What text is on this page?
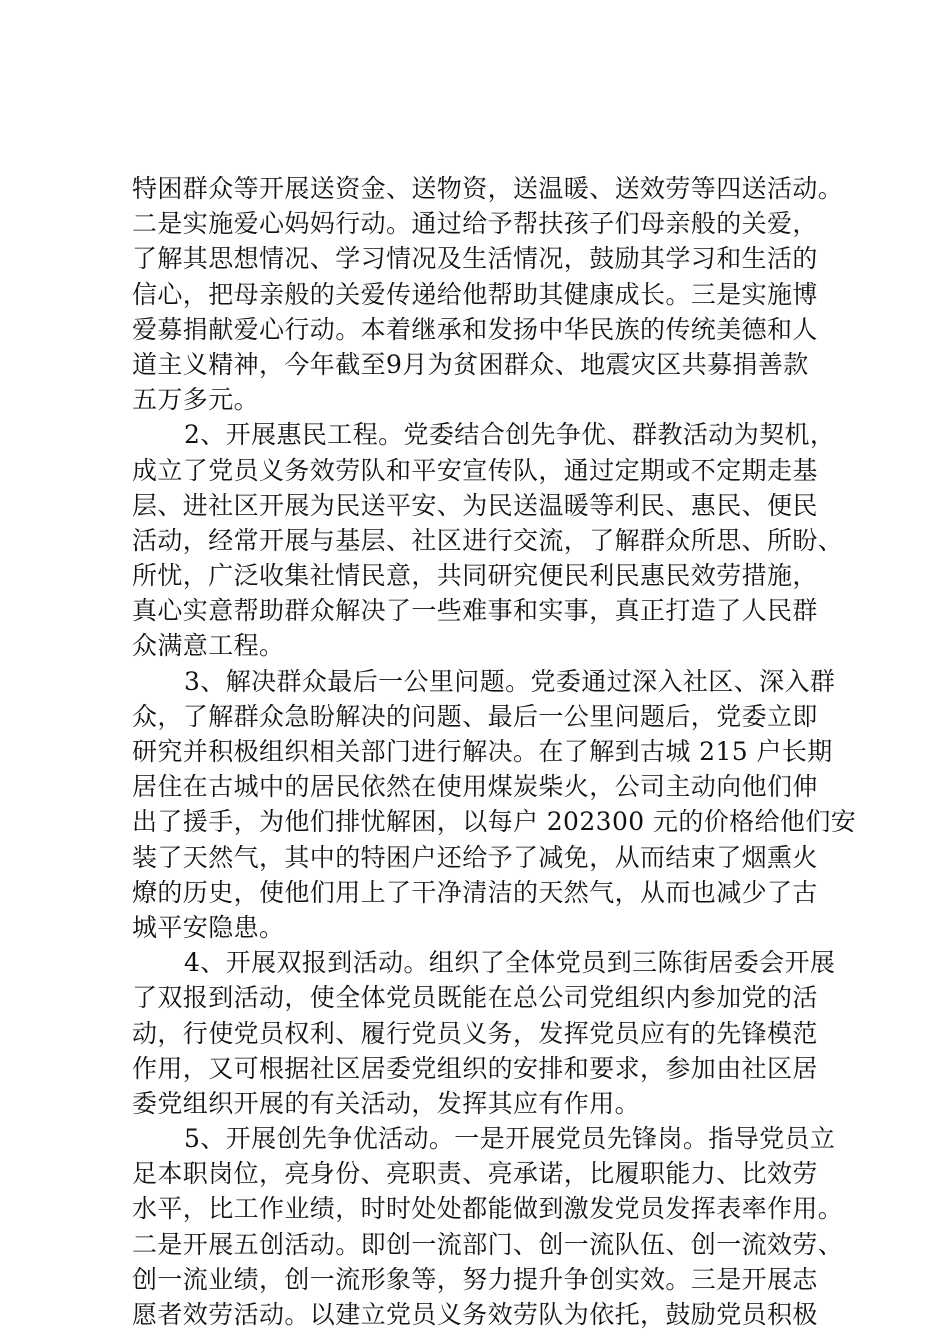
特困群众等开展送资金、送物资，送温暖、送效劳等四送活动。
二是实施爱心妈妈行动。通过给予帮扶孩子们母亲般的关爱，
了解其思想情况、学习情况及生活情况，鼓励其学习和生活的
信心，把母亲般的关爱传递给他帮助其健康成长。三是实施博
爱募捐献爱心行动。本着继承和发扬中华民族的传统美德和人
道主义精神，今年截至9月为贫困群众、地震灾区共募捐善款
五万多元。
2、开展惠民工程。党委结合创先争优、群教活动为契机，
成立了党员义务效劳队和平安宣传队，通过定期或不定期走基
层、进社区开展为民送平安、为民送温暖等利民、惠民、便民
活动，经常开展与基层、社区进行交流，了解群众所思、所盼、
所忧，广泛收集社情民意，共同研究便民利民惠民效劳措施，
真心实意帮助群众解决了一些难事和实事，真正打造了人民群
众满意工程。
3、解决群众最后一公里问题。党委通过深入社区、深入群
众，了解群众急盼解决的问题、最后一公里问题后，党委立即
研究并积极组织相关部门进行解决。在了解到古城 215 户长期
居住在古城中的居民依然在使用煤炭柴火，公司主动向他们伸
出了援手，为他们排忧解困，以每户 202300 元的价格给他们安
装了天然气，其中的特困户还给予了减免，从而结束了烟熏火
燎的历史，使他们用上了干净清洁的天然气，从而也减少了古
城平安隐患。
4、开展双报到活动。组织了全体党员到三陈街居委会开展
了双报到活动，使全体党员既能在总公司党组织内参加党的活
动，行使党员权利、履行党员义务，发挥党员应有的先锋模范
作用，又可根据社区居委党组织的安排和要求，参加由社区居
委党组织开展的有关活动，发挥其应有作用。
5、开展创先争优活动。一是开展党员先锋岗。指导党员立
足本职岗位，亮身份、亮职责、亮承诺，比履职能力、比效劳
水平，比工作业绩，时时处处都能做到激发党员发挥表率作用。
二是开展五创活动。即创一流部门、创一流队伍、创一流效劳、
创一流业绩，创一流形象等，努力提升争创实效。三是开展志
愿者效劳活动。以建立党员义务效劳队为依托，鼓励党员积极
